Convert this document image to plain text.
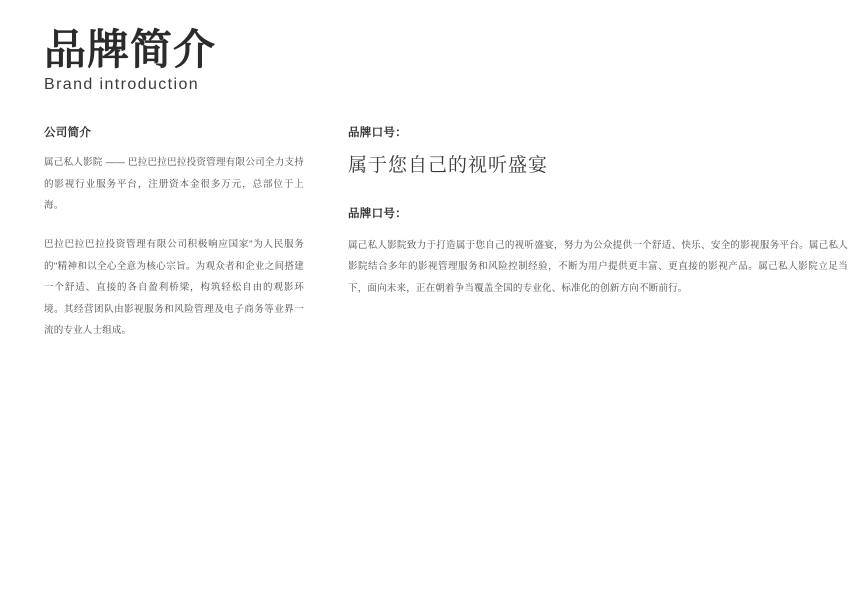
品牌简介
Brand introduction
公司简介

属己私人影院 —— 巴拉巴拉巴拉投资管理有限公司全力支持的影视行业服务平台，注册资本金很多万元，总部位于上海。

巴拉巴拉巴拉投资管理有限公司积极响应国家"为人民服务的"精神和以全心全意为核心宗旨。为观众者和企业之间搭建一个舒适、直接的各自盈利桥梁，构筑轻松自由的观影环境。其经营团队由影视服务和风险管理及电子商务等业界一流的专业人士组成。

品牌口号：

属于您自己的视听盛宴

品牌口号：

属己私人影院致力于打造属于您自己的视听盛宴，努力为公众提供一个舒适、快乐、安全的影视服务平台。属己私人影院结合多年的影视管理服务和风险控制经验，不断为用户提供更丰富、更直接的影视产品。属己私人影院立足当下，面向未来，正在朝着争当覆盖全国的专业化、标准化的创新方向不断前行。
